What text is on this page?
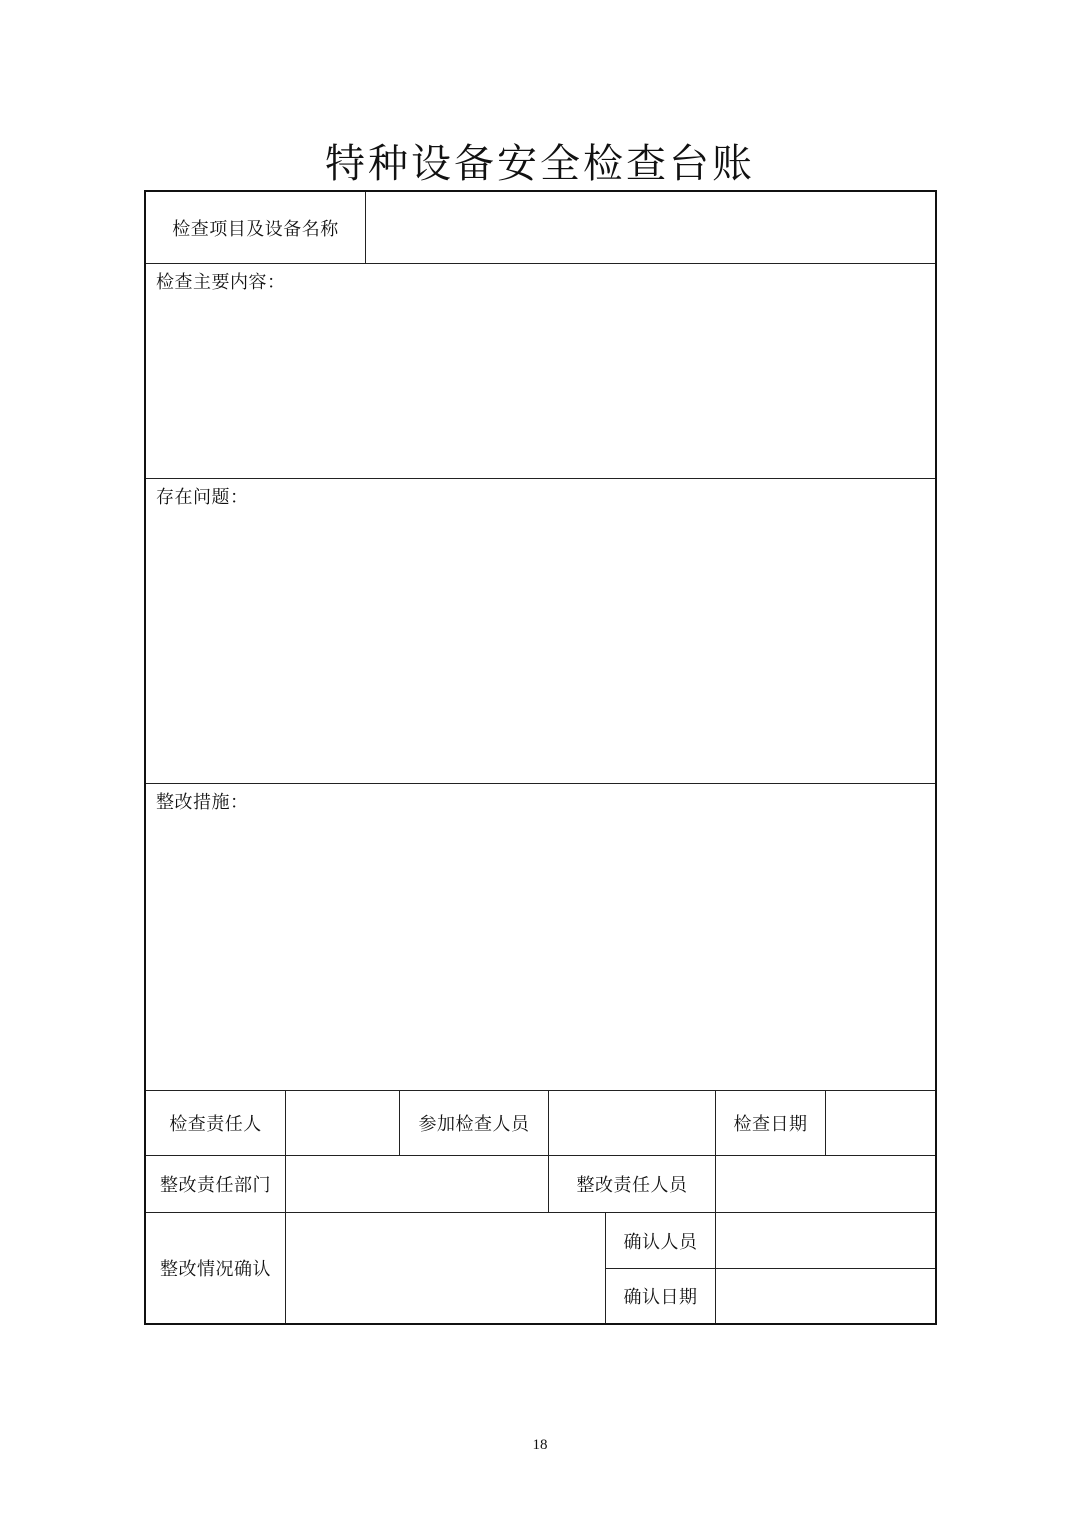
特种设备安全检查台账
检查项目及设备名称
检查主要内容：
存在问题：
整改措施：
检查责任人	参加检查人员	检查日期
整改责任部门	整改责任人员
整改情况确认
确认人员
确认日期
18
